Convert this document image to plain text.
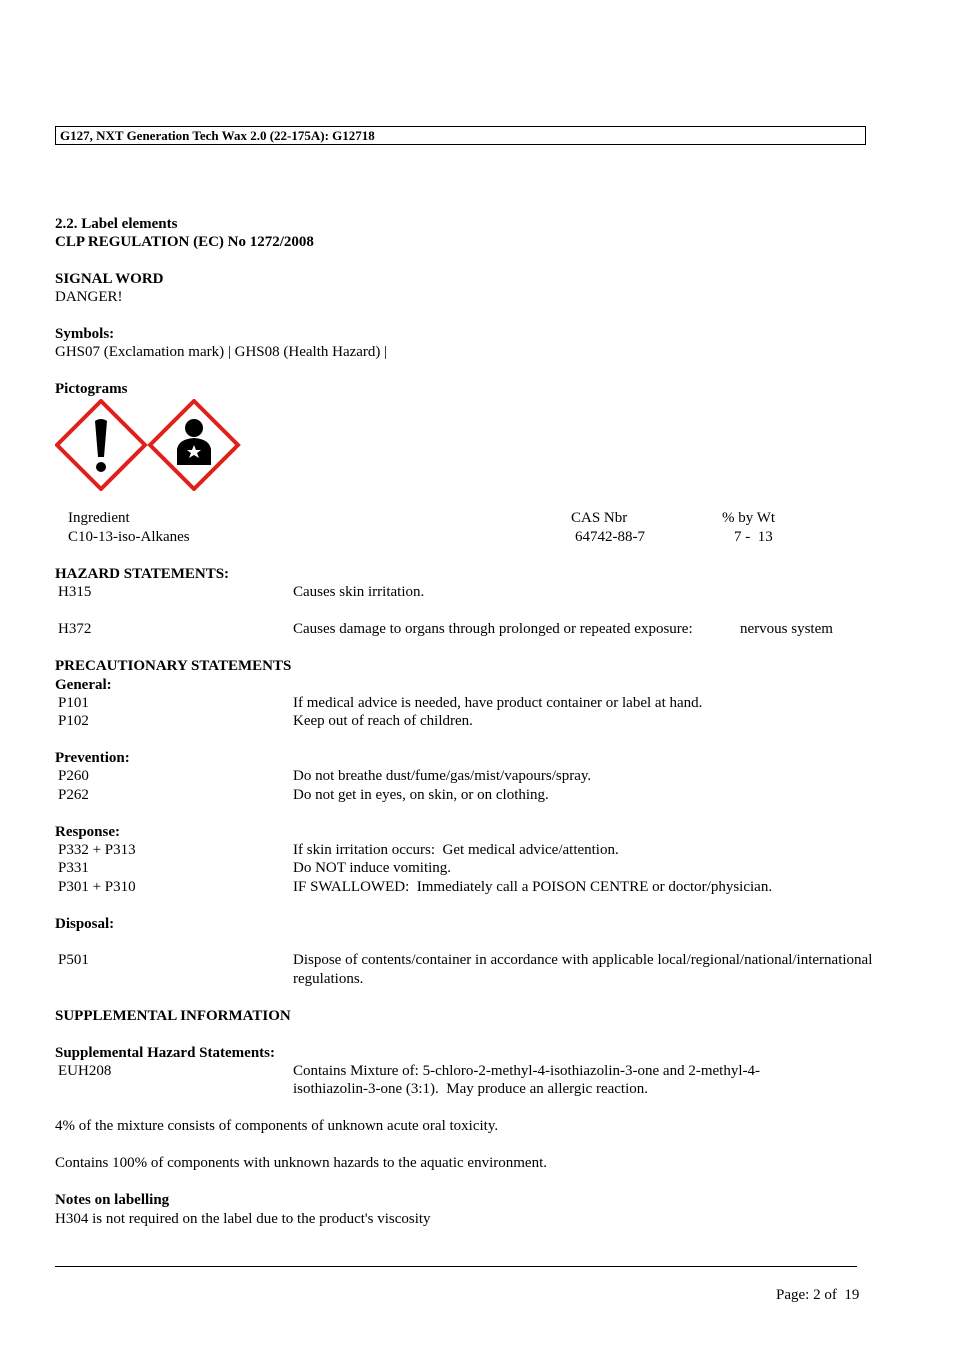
G127, NXT Generation Tech Wax 2.0 (22-175A): G12718
2.2. Label elements
CLP REGULATION (EC) No 1272/2008
SIGNAL WORD
DANGER!
Symbols:
GHS07 (Exclamation mark) | GHS08 (Health Hazard) |
Pictograms
Ingredient	CAS Nbr	% by Wt
C10-13-iso-Alkanes	64742-88-7	7 -  13
HAZARD STATEMENTS:
H315	Causes skin irritation.
H372	Causes damage to organs through prolonged or repeated exposure:	nervous system
PRECAUTIONARY STATEMENTS
General:
P101	If medical advice is needed, have product container or label at hand.
P102	Keep out of reach of children.
Prevention:
P260	Do not breathe dust/fume/gas/mist/vapours/spray.
P262	Do not get in eyes, on skin, or on clothing.
Response:
P332 + P313	If skin irritation occurs:  Get medical advice/attention.
P331	Do NOT induce vomiting.
P301 + P310	IF SWALLOWED:  Immediately call a POISON CENTRE or doctor/physician.
Disposal:
P501	Dispose of contents/container in accordance with applicable local/regional/national/international
regulations.
SUPPLEMENTAL INFORMATION
Supplemental Hazard Statements:
EUH208	Contains Mixture of: 5-chloro-2-methyl-4-isothiazolin-3-one and 2-methyl-4-
isothiazolin-3-one (3:1).  May produce an allergic reaction.
4% of the mixture consists of components of unknown acute oral toxicity.
Contains 100% of components with unknown hazards to the aquatic environment.
Notes on labelling
H304 is not required on the label due to the product's viscosity
Page: 2 of  19
